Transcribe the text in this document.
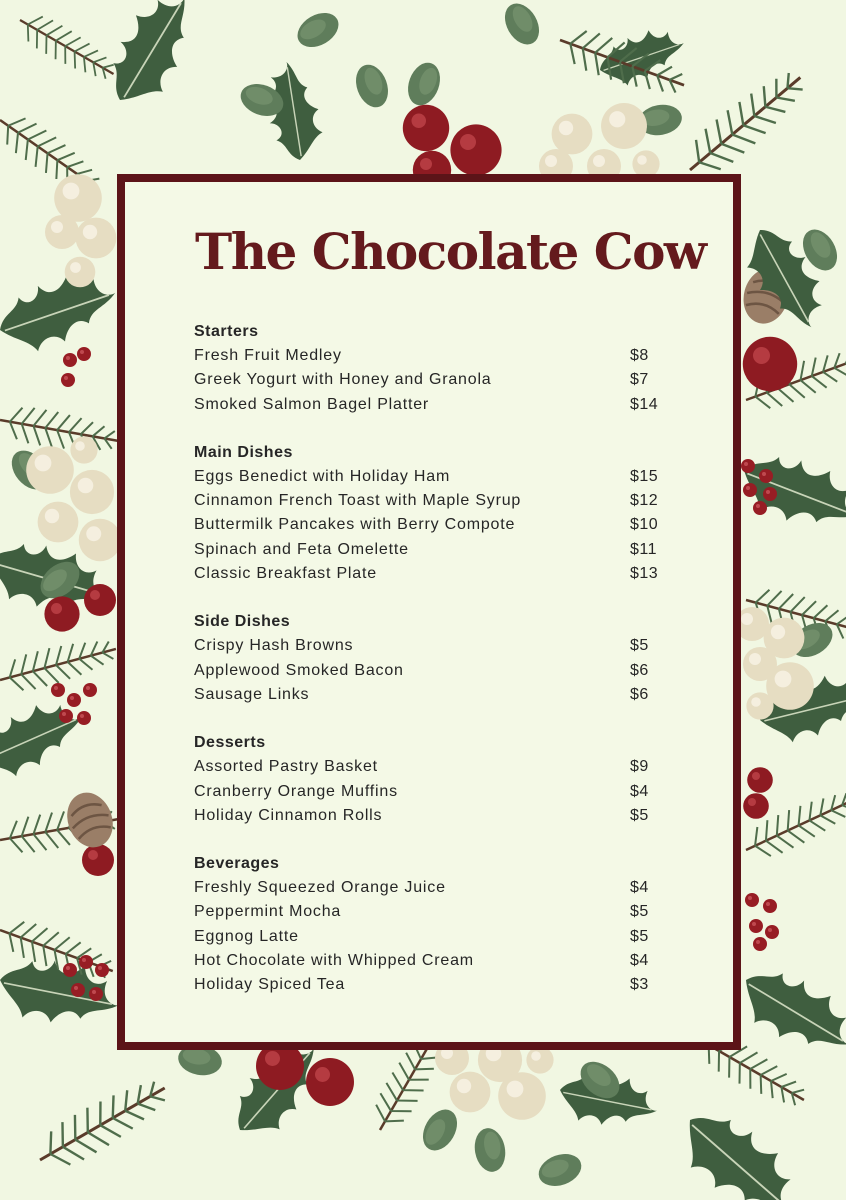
The Chocolate Cow
Starters
Fresh Fruit Medley	$8
Greek Yogurt with Honey and Granola	$7
Smoked Salmon Bagel Platter	$14
Main Dishes
Eggs Benedict with Holiday Ham	$15
Cinnamon French Toast with Maple Syrup	$12
Buttermilk Pancakes with Berry Compote	$10
Spinach and Feta Omelette	$11
Classic Breakfast Plate	$13
Side Dishes
Crispy Hash Browns	$5
Applewood Smoked Bacon	$6
Sausage Links	$6
Desserts
Assorted Pastry Basket	$9
Cranberry Orange Muffins	$4
Holiday Cinnamon Rolls	$5
Beverages
Freshly Squeezed Orange Juice	$4
Peppermint Mocha	$5
Eggnog Latte	$5
Hot Chocolate with Whipped Cream	$4
Holiday Spiced Tea	$3
